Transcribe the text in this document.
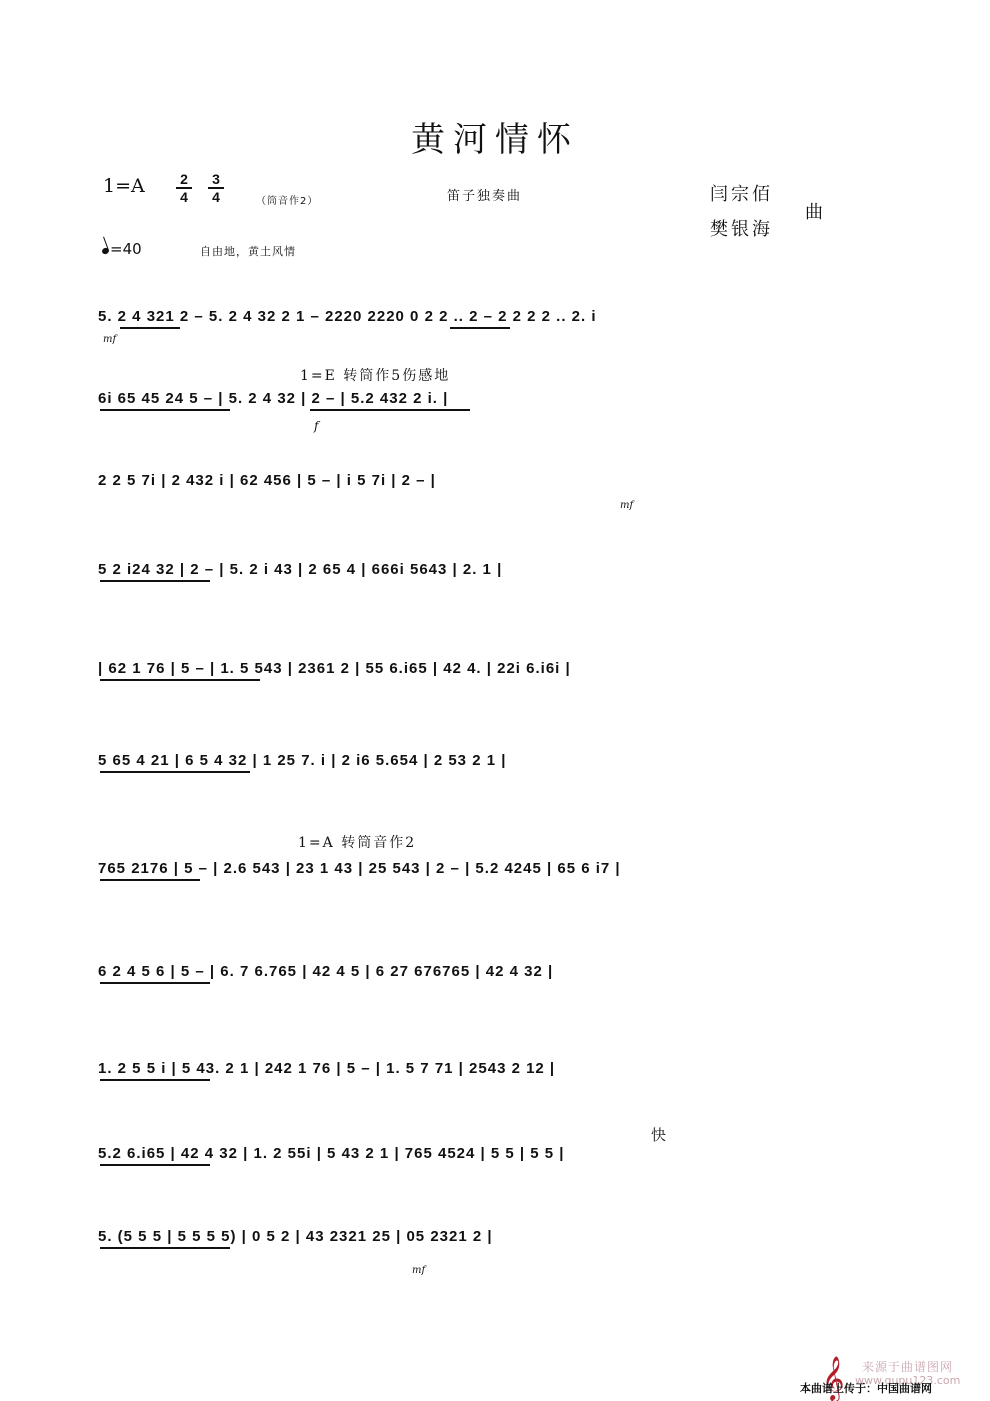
黄河情怀
1=A	2
4
3
4	（筒音作2）	笛子独奏曲	闫宗佰
樊银海
曲
=40	自由地，黄土风情
1=E 转筒作5伤感地
1=A 转筒音作2
快
mf
f
mf
mf
5. 2 4 321 2 – 5. 2 4 32 2 1 – 2220 2220 0 2 2 .. 2 – 2 2 2 2 .. 2. i
6i 65 45 24 5 – | 5. 2 4 32 | 2 – | 5.2 432 2 i. |
2 2 5 7i | 2 432 i | 62 456 | 5 – | i 5 7i | 2 – |
5 2 i24 32 | 2 – | 5. 2 i 43 | 2 65 4 | 666i 5643 | 2. 1 |
| 62 1 76 | 5 – | 1. 5 543 | 2361 2 | 55 6.i65 | 42 4. | 22i 6.i6i |
5 65 4 21 | 6 5 4 32 | 1 25 7. i | 2 i6 5.654 | 2 53 2 1 |
765 2176 | 5 – | 2.6 543 | 23 1 43 | 25 543 | 2 – | 5.2 4245 | 65 6 i7 |
6 2 4 5 6 | 5 – | 6. 7 6.765 | 42 4 5 | 6 27 676765 | 42 4 32 |
1. 2 5 5 i | 5 43. 2 1 | 242 1 76 | 5 – | 1. 5 7 71 | 2543 2 12 |
5.2 6.i65 | 42 4 32 | 1. 2 55i | 5 43 2 1 | 765 4524 | 5 5 | 5 5 |
5. (5 5 5 | 5 5 5 5) | 0 5 2 | 43 2321 25 | 05 2321 2 |
𝄞 来源于曲谱图网
www.qupu123.com
本曲谱上传于：中国曲谱网
